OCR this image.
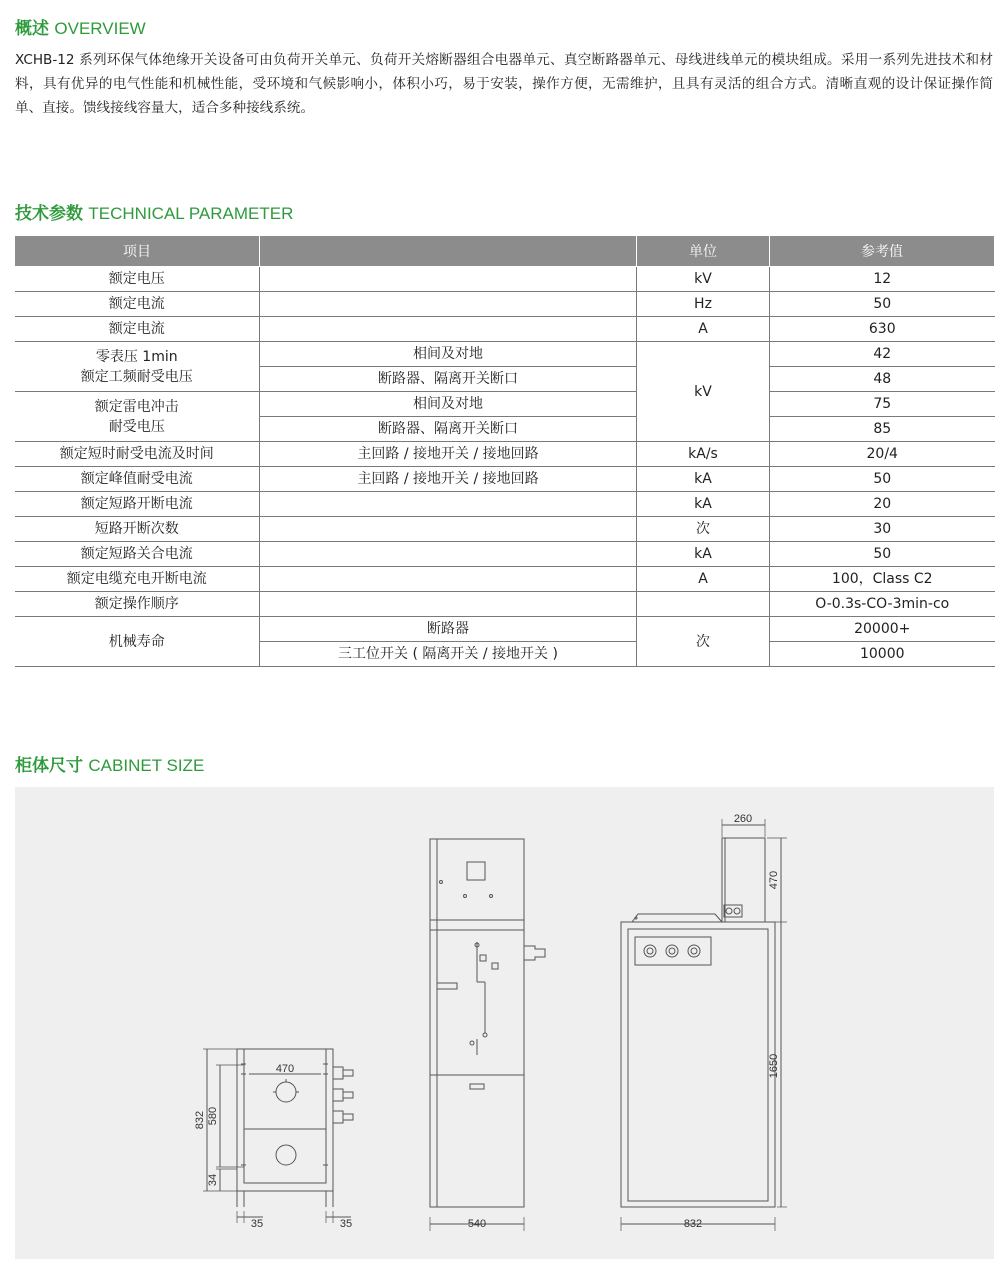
概述 OVERVIEW
XCHB-12 系列环保气体绝缘开关设备可由负荷开关单元、负荷开关熔断器组合电器单元、真空断路器单元、母线进线单元的模块组成。采用一系列先进技术和材料，具有优异的电气性能和机械性能，受环境和气候影响小，体积小巧，易于安装，操作方便，无需维护，且具有灵活的组合方式。清晰直观的设计保证操作简单、直接。馈线接线容量大，适合多种接线系统。
技术参数 TECHNICAL PARAMETER
项目		单位	参考值
额定电压		kV	12
额定电流		Hz	50
额定电流		A	630

零表压 1min
额定工频耐受电压	相间及对地	kV	42
	断路器、隔离开关断口		48

额定雷电冲击
耐受电压	相间及对地		75
	断路器、隔离开关断口		85
额定短时耐受电流及时间	主回路 / 接地开关 / 接地回路	kA/s	20/4
额定峰值耐受电流	主回路 / 接地开关 / 接地回路	kA	50
额定短路开断电流		kA	20
短路开断次数		次	30
额定短路关合电流		kA	50
额定电缆充电开断电流		A	100，Class C2
额定操作顺序			O-0.3s-CO-3min-co
机械寿命	断路器	次	20000+
	三工位开关 ( 隔离开关 / 接地开关 )		10000
柜体尺寸 CABINET SIZE
470
832 580
34
35	35	540
260
470
1650
832
